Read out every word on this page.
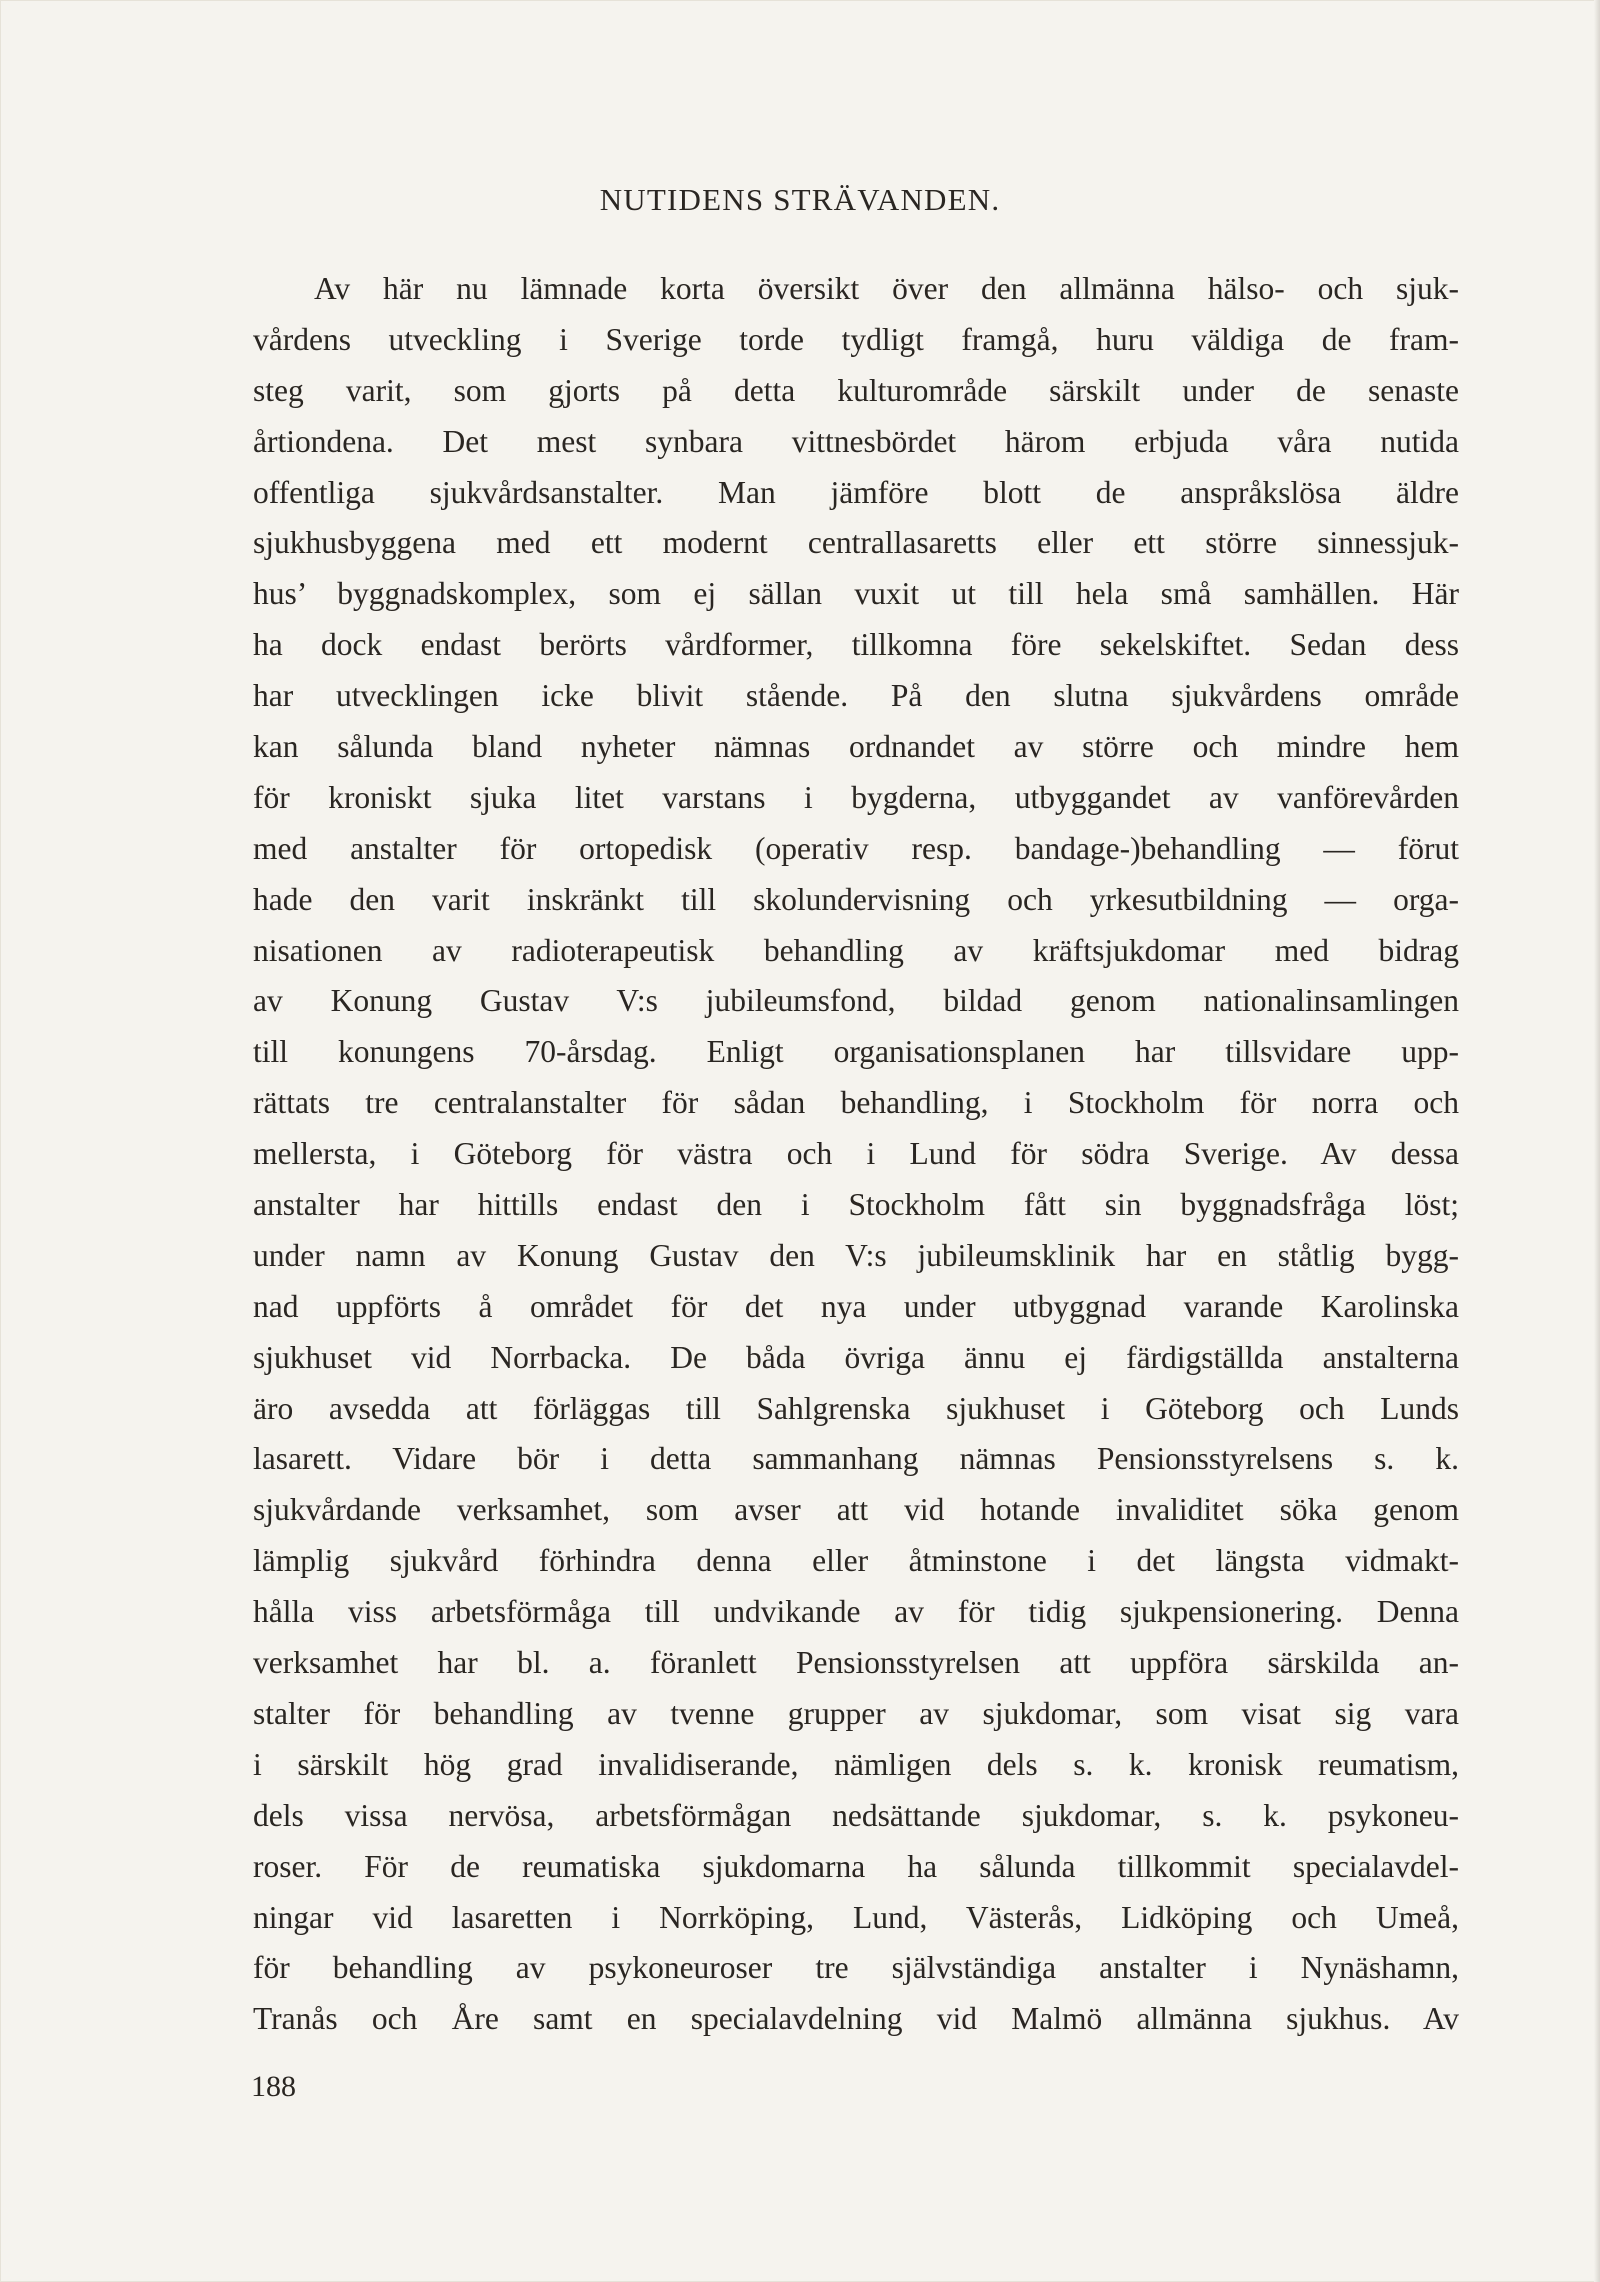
NUTIDENS STRÄVANDEN.
Av här nu lämnade korta översikt över den allmänna hälso- och sjuk-
vårdens utveckling i Sverige torde tydligt framgå, huru väldiga de fram-
steg varit, som gjorts på detta kulturområde särskilt under de senaste
årtiondena. Det mest synbara vittnesbördet härom erbjuda våra nutida
offentliga sjukvårdsanstalter. Man jämföre blott de anspråkslösa äldre
sjukhusbyggena med ett modernt centrallasaretts eller ett större sinnessjuk-
hus’ byggnadskomplex, som ej sällan vuxit ut till hela små samhällen. Här
ha dock endast berörts vårdformer, tillkomna före sekelskiftet. Sedan dess
har utvecklingen icke blivit stående. På den slutna sjukvårdens område
kan sålunda bland nyheter nämnas ordnandet av större och mindre hem
för kroniskt sjuka litet varstans i bygderna, utbyggandet av vanförevården
med anstalter för ortopedisk (operativ resp. bandage-)behandling — förut
hade den varit inskränkt till skolundervisning och yrkesutbildning — orga-
nisationen av radioterapeutisk behandling av kräftsjukdomar med bidrag
av Konung Gustav V:s jubileumsfond, bildad genom nationalinsamlingen
till konungens 70-årsdag. Enligt organisationsplanen har tillsvidare upp-
rättats tre centralanstalter för sådan behandling, i Stockholm för norra och
mellersta, i Göteborg för västra och i Lund för södra Sverige. Av dessa
anstalter har hittills endast den i Stockholm fått sin byggnadsfråga löst;
under namn av Konung Gustav den V:s jubileumsklinik har en ståtlig bygg-
nad uppförts å området för det nya under utbyggnad varande Karolinska
sjukhuset vid Norrbacka. De båda övriga ännu ej färdigställda anstalterna
äro avsedda att förläggas till Sahlgrenska sjukhuset i Göteborg och Lunds
lasarett. Vidare bör i detta sammanhang nämnas Pensionsstyrelsens s. k.
sjukvårdande verksamhet, som avser att vid hotande invaliditet söka genom
lämplig sjukvård förhindra denna eller åtminstone i det längsta vidmakt-
hålla viss arbetsförmåga till undvikande av för tidig sjukpensionering. Denna
verksamhet har bl. a. föranlett Pensionsstyrelsen att uppföra särskilda an-
stalter för behandling av tvenne grupper av sjukdomar, som visat sig vara
i särskilt hög grad invalidiserande, nämligen dels s. k. kronisk reumatism,
dels vissa nervösa, arbetsförmågan nedsättande sjukdomar, s. k. psykoneu-
roser. För de reumatiska sjukdomarna ha sålunda tillkommit specialavdel-
ningar vid lasaretten i Norrköping, Lund, Västerås, Lidköping och Umeå,
för behandling av psykoneuroser tre självständiga anstalter i Nynäshamn,
Tranås och Åre samt en specialavdelning vid Malmö allmänna sjukhus. Av
188
